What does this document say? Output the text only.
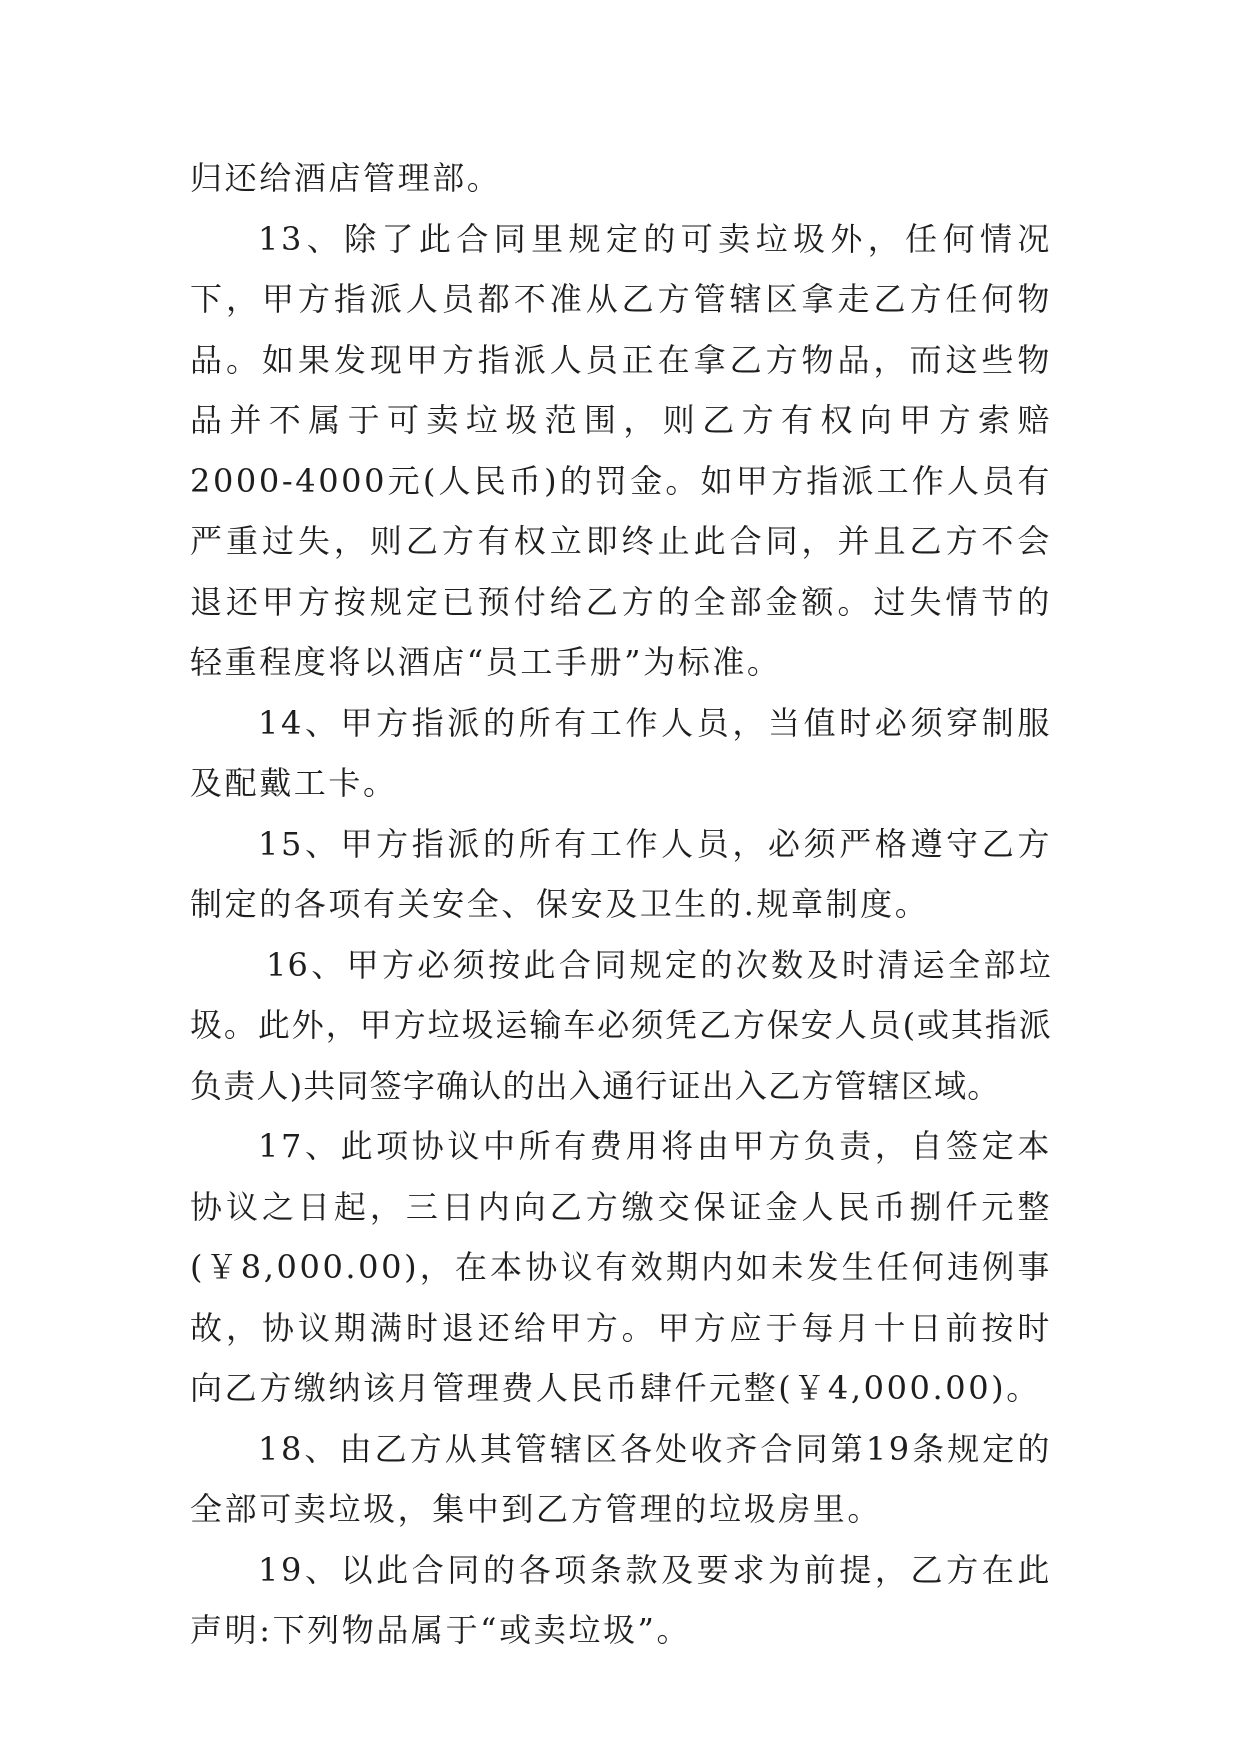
归还给酒店管理部。

13、除了此合同里规定的可卖垃圾外，任何情况下，甲方指派人员都不准从乙方管辖区拿走乙方任何物品。如果发现甲方指派人员正在拿乙方物品，而这些物品并不属于可卖垃圾范围，则乙方有权向甲方索赔2000-4000元(人民币)的罚金。如甲方指派工作人员有严重过失，则乙方有权立即终止此合同，并且乙方不会退还甲方按规定已预付给乙方的全部金额。过失情节的轻重程度将以酒店“员工手册”为标准。

14、甲方指派的所有工作人员，当值时必须穿制服及配戴工卡。

15、甲方指派的所有工作人员，必须严格遵守乙方制定的各项有关安全、保安及卫生的.规章制度。

16、甲方必须按此合同规定的次数及时清运全部垃圾。此外，甲方垃圾运输车必须凭乙方保安人员(或其指派负责人)共同签字确认的出入通行证出入乙方管辖区域。

17、此项协议中所有费用将由甲方负责，自签定本协议之日起，三日内向乙方缴交保证金人民币捌仟元整(￥8,000.00)，在本协议有效期内如未发生任何违例事故，协议期满时退还给甲方。甲方应于每月十日前按时向乙方缴纳该月管理费人民币肆仟元整(￥4,000.00)。

18、由乙方从其管辖区各处收齐合同第19条规定的全部可卖垃圾，集中到乙方管理的垃圾房里。

19、以此合同的各项条款及要求为前提，乙方在此声明:下列物品属于“或卖垃圾”。
